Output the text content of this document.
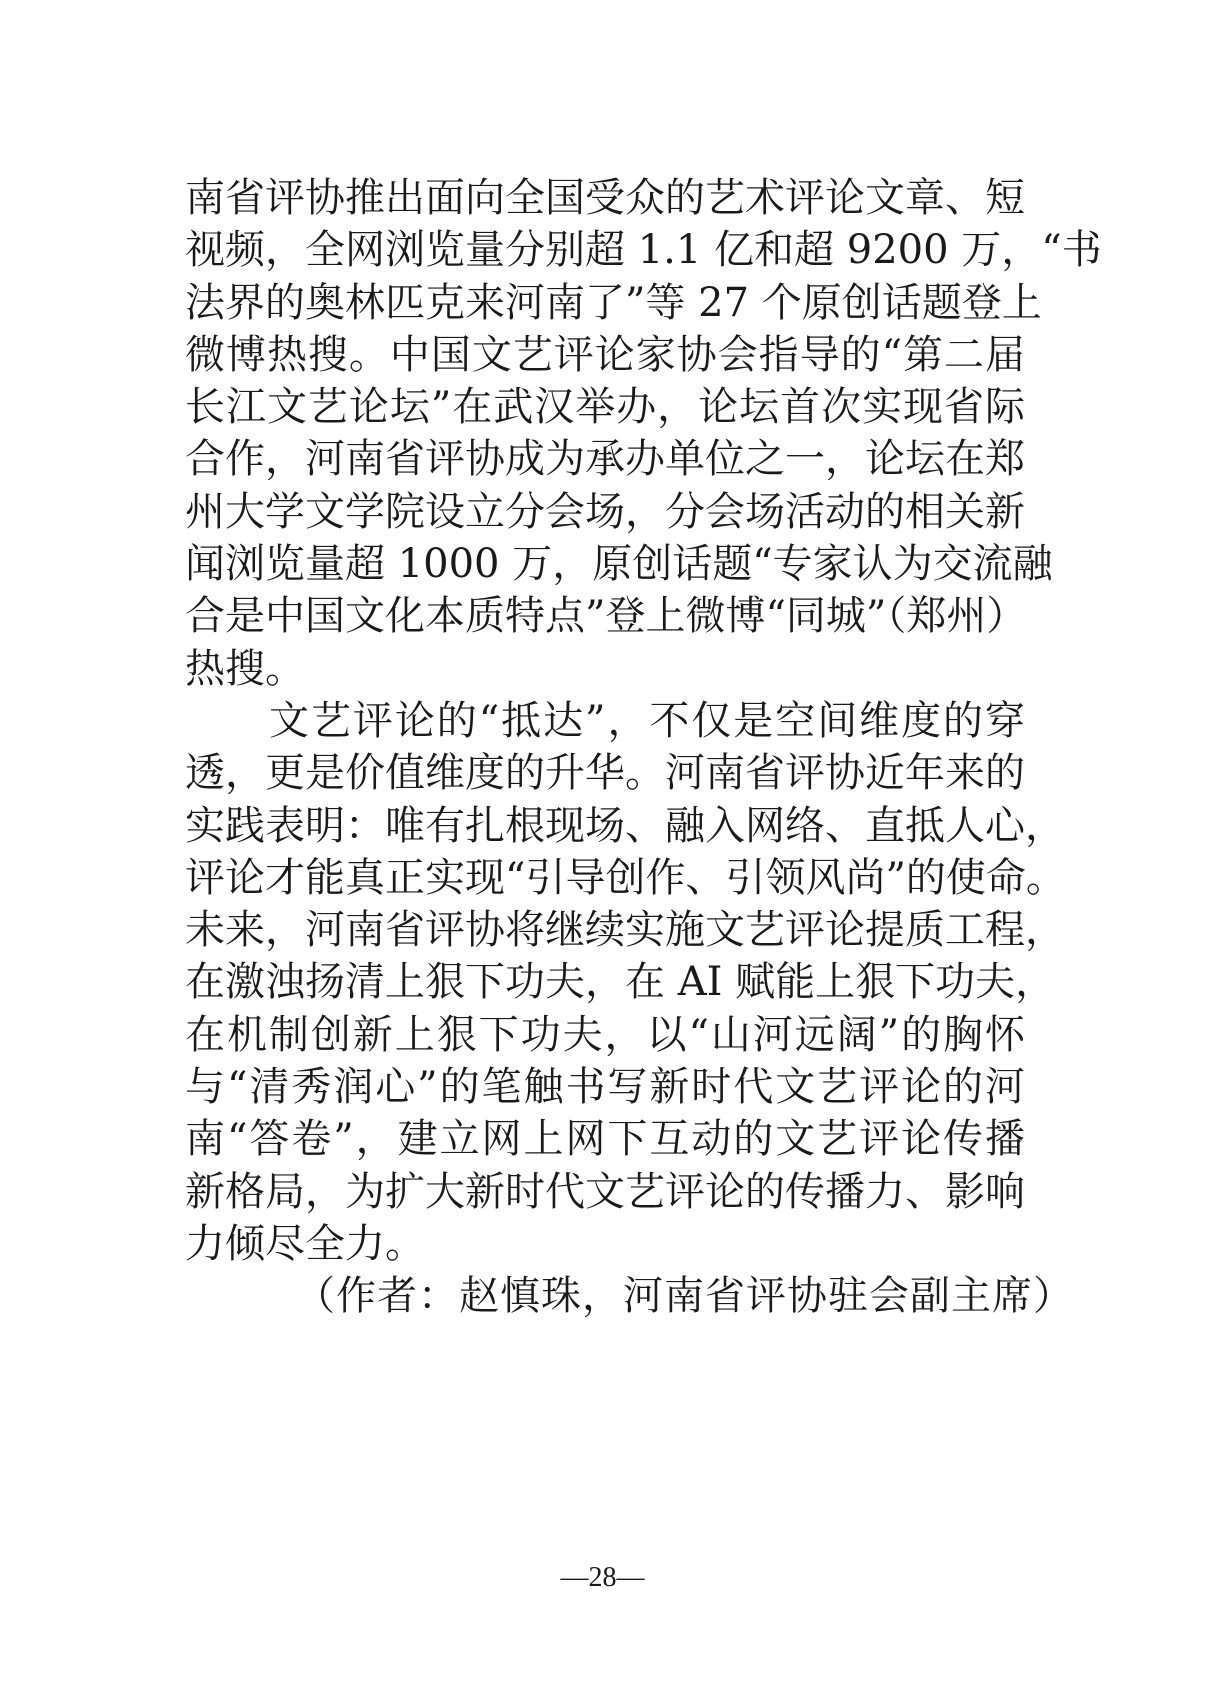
南省评协推出面向全国受众的艺术评论文章、短
视频，全网浏览量分别超 1.1 亿和超 9200 万，“书
法界的奥林匹克来河南了”等 27 个原创话题登上
微博热搜。中国文艺评论家协会指导的“第二届
长江文艺论坛”在武汉举办，论坛首次实现省际
合作，河南省评协成为承办单位之一，论坛在郑
州大学文学院设立分会场，分会场活动的相关新
闻浏览量超 1000 万，原创话题“专家认为交流融
合是中国文化本质特点”登上微博“同城”（郑州）
热搜。
文艺评论的“抵达”，不仅是空间维度的穿
透，更是价值维度的升华。河南省评协近年来的
实践表明：唯有扎根现场、融入网络、直抵人心，
评论才能真正实现“引导创作、引领风尚”的使命。
未来，河南省评协将继续实施文艺评论提质工程，
在激浊扬清上狠下功夫，在 AI 赋能上狠下功夫，
在机制创新上狠下功夫，以“山河远阔”的胸怀
与“清秀润心”的笔触书写新时代文艺评论的河
南“答卷”，建立网上网下互动的文艺评论传播
新格局，为扩大新时代文艺评论的传播力、影响
力倾尽全力。
（作者：赵慎珠，河南省评协驻会副主席）
—28—
